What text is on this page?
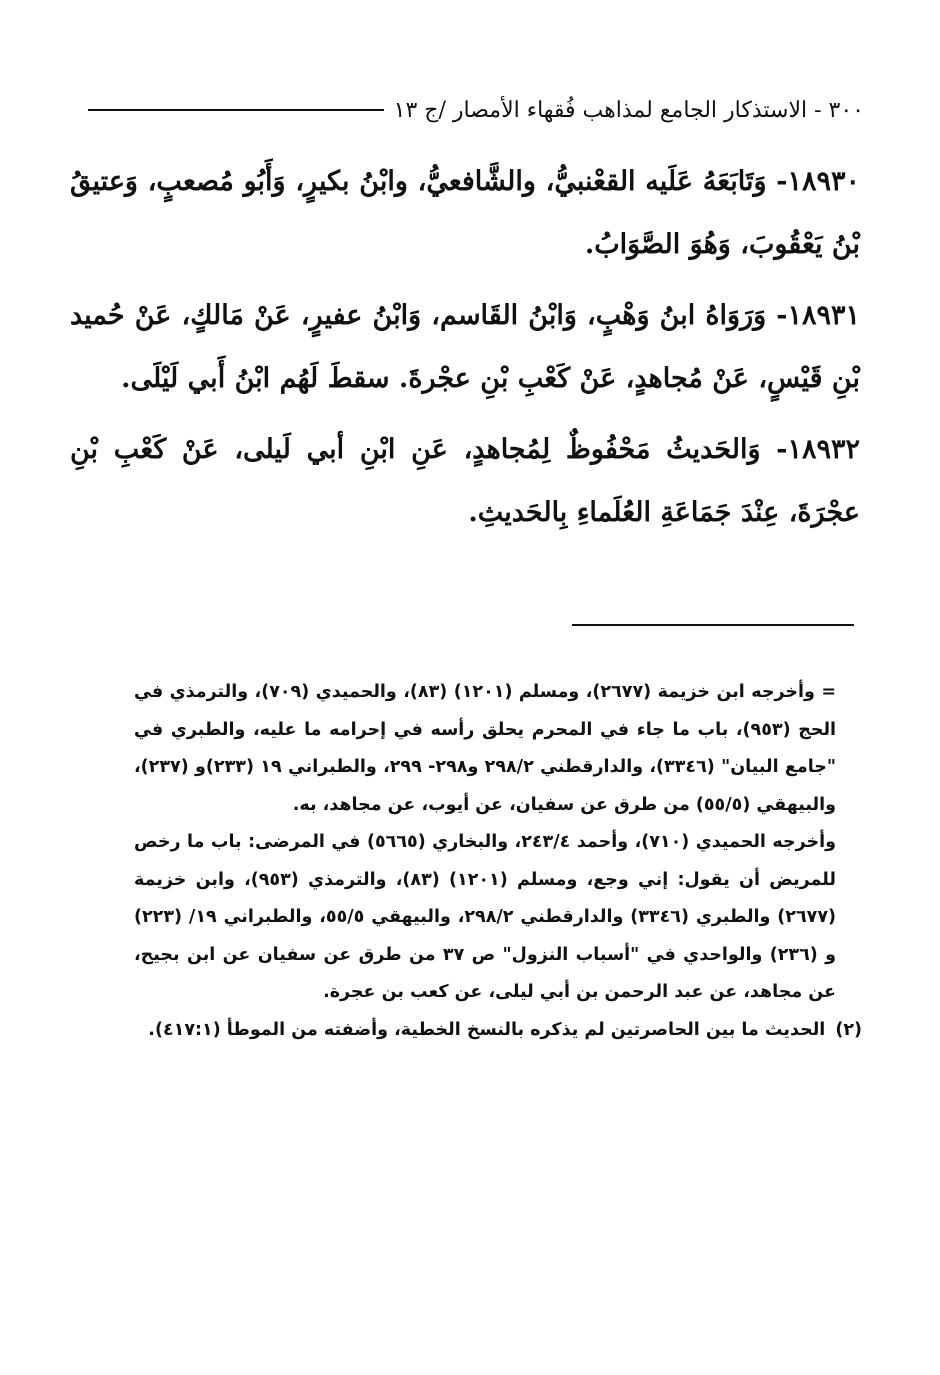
٣٠٠ - الاستذكار الجامع لمذاهب فُقهاء الأمصار /ج ١٣

١٨٩٣٠- وَتَابَعَهُ عَلَيه القعْنبيُّ، والشَّافعيُّ، وابْنُ بكيرٍ، وَأَبُو مُصعبٍ، وَعتيقُ بْنُ يَعْقُوبَ، وَهُوَ الصَّوَابُ.

١٨٩٣١- وَرَوَاهُ ابنُ وَهْبٍ، وَابْنُ القَاسم، وَابْنُ عفيرٍ، عَنْ مَالكٍ، عَنْ حُميد بْنِ قَيْسٍ، عَنْ مُجاهدٍ، عَنْ كَعْبِ بْنِ عجْرةَ. سقطَ لَهُم ابْنُ أَبي لَيْلَى.

١٨٩٣٢- وَالحَديثُ مَحْفُوظٌ لِمُجاهدٍ، عَنِ ابْنِ أبي لَيلى، عَنْ كَعْبِ بْنِ عجْرَةَ، عِنْدَ جَمَاعَةِ العُلَماءِ بِالحَديثِ.

= وأخرجه ابن خزيمة (٢٦٧٧)، ومسلم (١٢٠١) (٨٣)، والحميدي (٧٠٩)، والترمذي في الحج (٩٥٣)، باب ما جاء في المحرم يحلق رأسه في إحرامه ما عليه، والطبري في "جامع البيان" (٣٣٤٦)، والدارقطني ٢٩٨/٢ و٢٩٨- ٢٩٩، والطبراني ١٩ (٢٣٣)و (٢٣٧)، والبيهقي (٥٥/٥) من طرق عن سفيان، عن أيوب، عن مجاهد، به.

وأخرجه الحميدي (٧١٠)، وأحمد ٢٤٣/٤، والبخاري (٥٦٦٥) في المرضى: باب ما رخص للمريض أن يقول: إني وجع، ومسلم (١٢٠١) (٨٣)، والترمذي (٩٥٣)، وابن خزيمة (٢٦٧٧) والطبري (٣٣٤٦) والدارقطني ٢٩٨/٢، والبيهقي ٥٥/٥، والطبراني ١٩/ (٢٢٣) و (٢٣٦) والواحدي في "أسباب النزول" ص ٣٧ من طرق عن سفيان عن ابن بجيح، عن مجاهد، عن عبد الرحمن بن أبي ليلى، عن كعب بن عجرة.

(٢)الحديث ما بين الحاصرتين لم يذكره بالنسخ الخطية، وأضفته من الموطأ (٤١٧:١).
